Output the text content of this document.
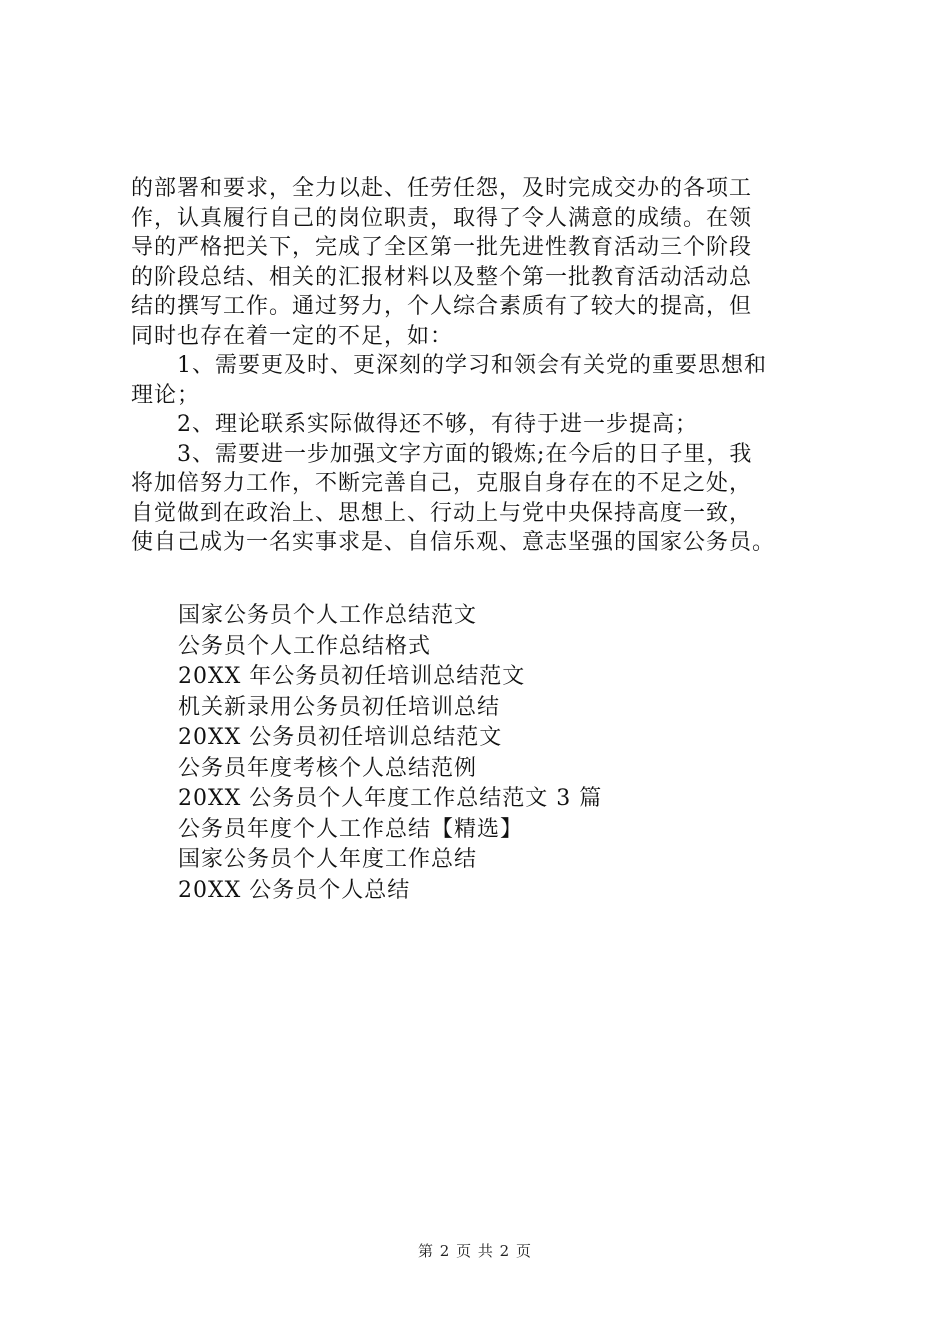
的部署和要求，全力以赴、任劳任怨，及时完成交办的各项工

作，认真履行自己的岗位职责，取得了令人满意的成绩。在领

导的严格把关下，完成了全区第一批先进性教育活动三个阶段

的阶段总结、相关的汇报材料以及整个第一批教育活动活动总

结的撰写工作。通过努力，个人综合素质有了较大的提高，但

同时也存在着一定的不足，如：

1、需要更及时、更深刻的学习和领会有关党的重要思想和

理论；

2、理论联系实际做得还不够，有待于进一步提高；

3、需要进一步加强文字方面的锻炼;在今后的日子里，我

将加倍努力工作，不断完善自己，克服自身存在的不足之处，

自觉做到在政治上、思想上、行动上与党中央保持高度一致，

使自己成为一名实事求是、自信乐观、意志坚强的国家公务员。

国家公务员个人工作总结范文
公务员个人工作总结格式
20XX 年公务员初任培训总结范文
机关新录用公务员初任培训总结
20XX 公务员初任培训总结范文
公务员年度考核个人总结范例
20XX 公务员个人年度工作总结范文 3 篇
公务员年度个人工作总结【精选】
国家公务员个人年度工作总结
20XX 公务员个人总结
第 2 页 共 2 页
